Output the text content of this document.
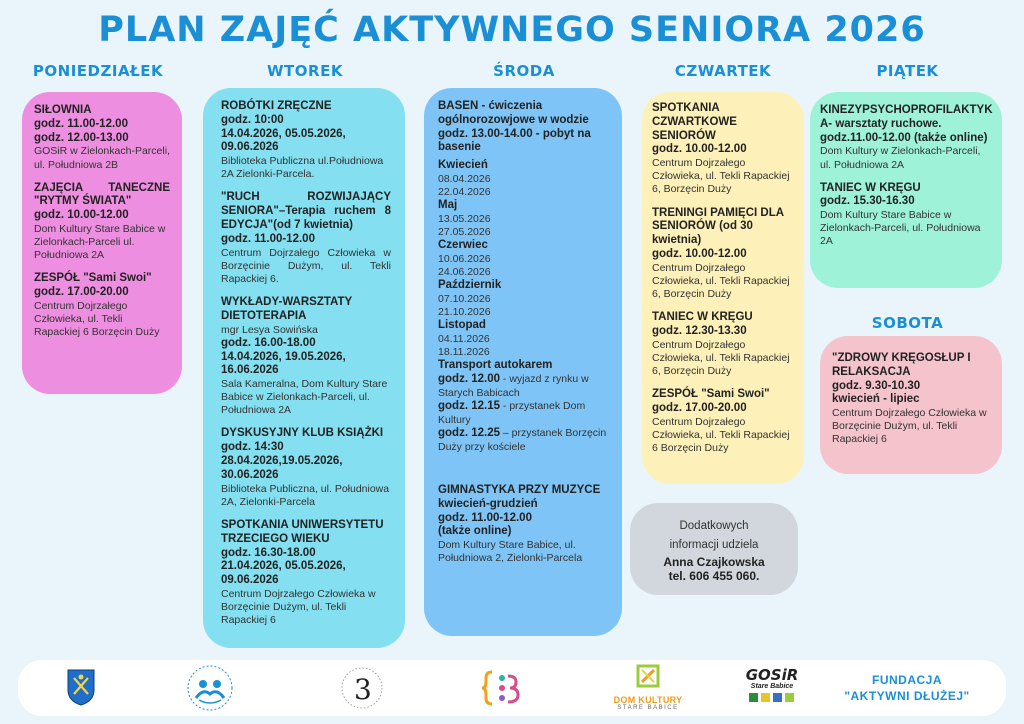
PLAN ZAJĘĆ AKTYWNEGO SENIORA 2026
PONIEDZIAŁEK	WTOREK	ŚRODA	CZWARTEK	PIĄTEK
SOBOTA
SIŁOWNIA
godz. 11.00-12.00
godz. 12.00-13.00
GOSiR w Zielonkach-Parceli, ul. Południowa 2B
ZAJĘCIA TANECZNE "RYTMY ŚWIATA"
godz. 10.00-12.00
Dom Kultury Stare Babice w Zielonkach-Parceli ul. Południowa 2A
ZESPÓŁ "Sami Swoi"
godz. 17.00-20.00
Centrum Dojrzałego Człowieka, ul. Tekli Rapackiej 6 Borzęcin Duży
ROBÓTKI ZRĘCZNE
godz. 10:00
14.04.2026, 05.05.2026, 09.06.2026
Biblioteka Publiczna ul.Południowa 2A Zielonki-Parcela.
"RUCH ROZWIJAJĄCY SENIORA"–Terapia ruchem 8 EDYCJA"(od 7 kwietnia)
godz. 11.00-12.00
Centrum Dojrzałego Człowieka w Borzęcinie Dużym, ul. Tekli Rapackiej 6.
WYKŁADY-WARSZTATY DIETOTERAPIA
mgr Lesya Sowińska
godz. 16.00-18.00
14.04.2026, 19.05.2026, 16.06.2026
Sala Kameralna, Dom Kultury Stare Babice w Zielonkach-Parceli, ul. Południowa 2A
DYSKUSYJNY KLUB KSIĄŻKI
godz. 14:30
28.04.2026,19.05.2026, 30.06.2026
Biblioteka Publiczna, ul. Południowa 2A, Zielonki-Parcela
SPOTKANIA UNIWERSYTETU TRZECIEGO WIEKU
godz. 16.30-18.00
21.04.2026, 05.05.2026, 09.06.2026
Centrum Dojrzałego Człowieka w Borzęcinie Dużym, ul. Tekli Rapackiej 6
BASEN - ćwiczenia ogólnorozowjowe w wodzie godz. 13.00-14.00 - pobyt na basenie
Kwiecień
08.04.2026
22.04.2026
Maj
13.05.2026
27.05.2026
Czerwiec
10.06.2026
24.06.2026
Październik
07.10.2026
21.10.2026
Listopad
04.11.2026
18.11.2026
Transport autokarem
godz. 12.00 - wyjazd z rynku w Starych Babicach
godz. 12.15 - przystanek Dom Kultury
godz. 12.25 – przystanek Borzęcin Duży przy kościele
GIMNASTYKA PRZY MUZYCE
kwiecień-grudzień
godz. 11.00-12.00
(także online)
Dom Kultury Stare Babice, ul. Południowa 2, Zielonki-Parcela
SPOTKANIA CZWARTKOWE SENIORÓW
godz. 10.00-12.00
Centrum Dojrzałego Człowieka, ul. Tekli Rapackiej 6, Borzęcin Duży
TRENINGI PAMIĘCI DLA SENIORÓW (od 30 kwietnia)
godz. 10.00-12.00
Centrum Dojrzałego Człowieka, ul. Tekli Rapackiej 6, Borzęcin Duży
TANIEC W KRĘGU
godz. 12.30-13.30
Centrum Dojrzałego Człowieka, ul. Tekli Rapackiej 6, Borzęcin Duży
ZESPÓŁ "Sami Swoi"
godz. 17.00-20.00
Centrum Dojrzałego Człowieka, ul. Tekli Rapackiej 6 Borzęcin Duży
Dodatkowych
informacji udziela
Anna Czajkowska
tel. 606 455 060.
KINEZYPSYCHOPROFILAKTYKA- warsztaty ruchowe.
godz.11.00-12.00 (także online)
Dom Kultury w Zielonkach-Parceli, ul. Południowa 2A
TANIEC W KRĘGU
godz. 15.30-16.30
Dom Kultury Stare Babice w Zielonkach-Parceli, ul. Południowa 2A
"ZDROWY KRĘGOSŁUP I RELAKSACJA
godz. 9.30-10.30
kwiecień - lipiec
Centrum Dojrzałego Człowieka w Borzęcinie Dużym, ul. Tekli Rapackiej 6
3	DOM KULTURY
STARE BABICE
GOSiR
Stare Babice	FUNDACJA
"AKTYWNI DŁUŻEJ"
